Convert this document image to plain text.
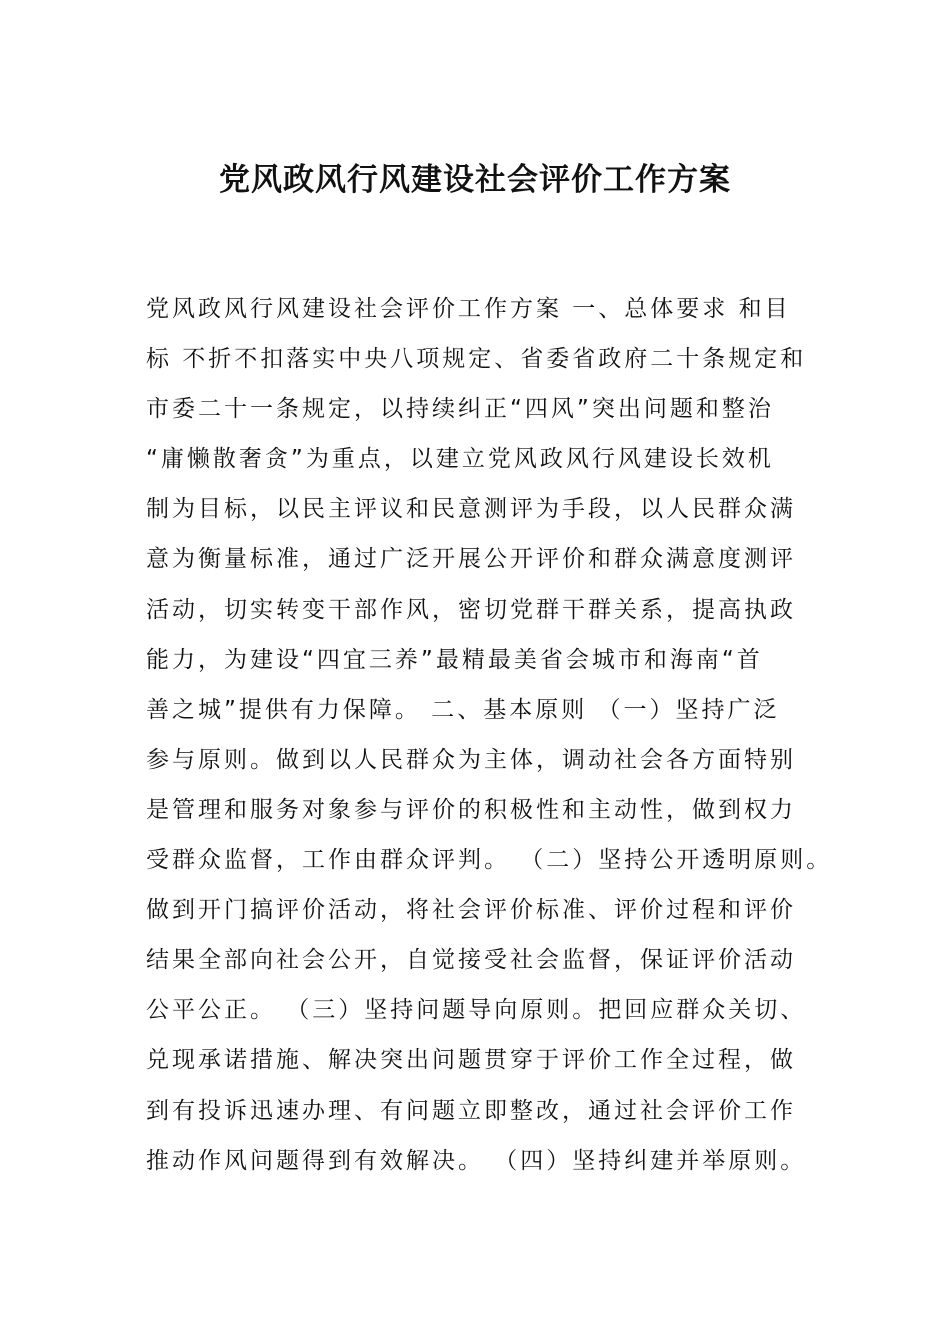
党风政风行风建设社会评价工作方案
党风政风行风建设社会评价工作方案 一、总体要求 和目
标 不折不扣落实中央八项规定、省委省政府二十条规定和
市委二十一条规定，以持续纠正“四风”突出问题和整治
“庸懒散奢贪”为重点，以建立党风政风行风建设长效机
制为目标，以民主评议和民意测评为手段，以人民群众满
意为衡量标准，通过广泛开展公开评价和群众满意度测评
活动，切实转变干部作风，密切党群干群关系，提高执政
能力，为建设“四宜三养”最精最美省会城市和海南“首
善之城”提供有力保障。 二、基本原则 （一）坚持广泛
参与原则。做到以人民群众为主体，调动社会各方面特别
是管理和服务对象参与评价的积极性和主动性，做到权力
受群众监督，工作由群众评判。 （二）坚持公开透明原则。
做到开门搞评价活动，将社会评价标准、评价过程和评价
结果全部向社会公开，自觉接受社会监督，保证评价活动
公平公正。 （三）坚持问题导向原则。把回应群众关切、
兑现承诺措施、解决突出问题贯穿于评价工作全过程，做
到有投诉迅速办理、有问题立即整改，通过社会评价工作
推动作风问题得到有效解决。 （四）坚持纠建并举原则。
